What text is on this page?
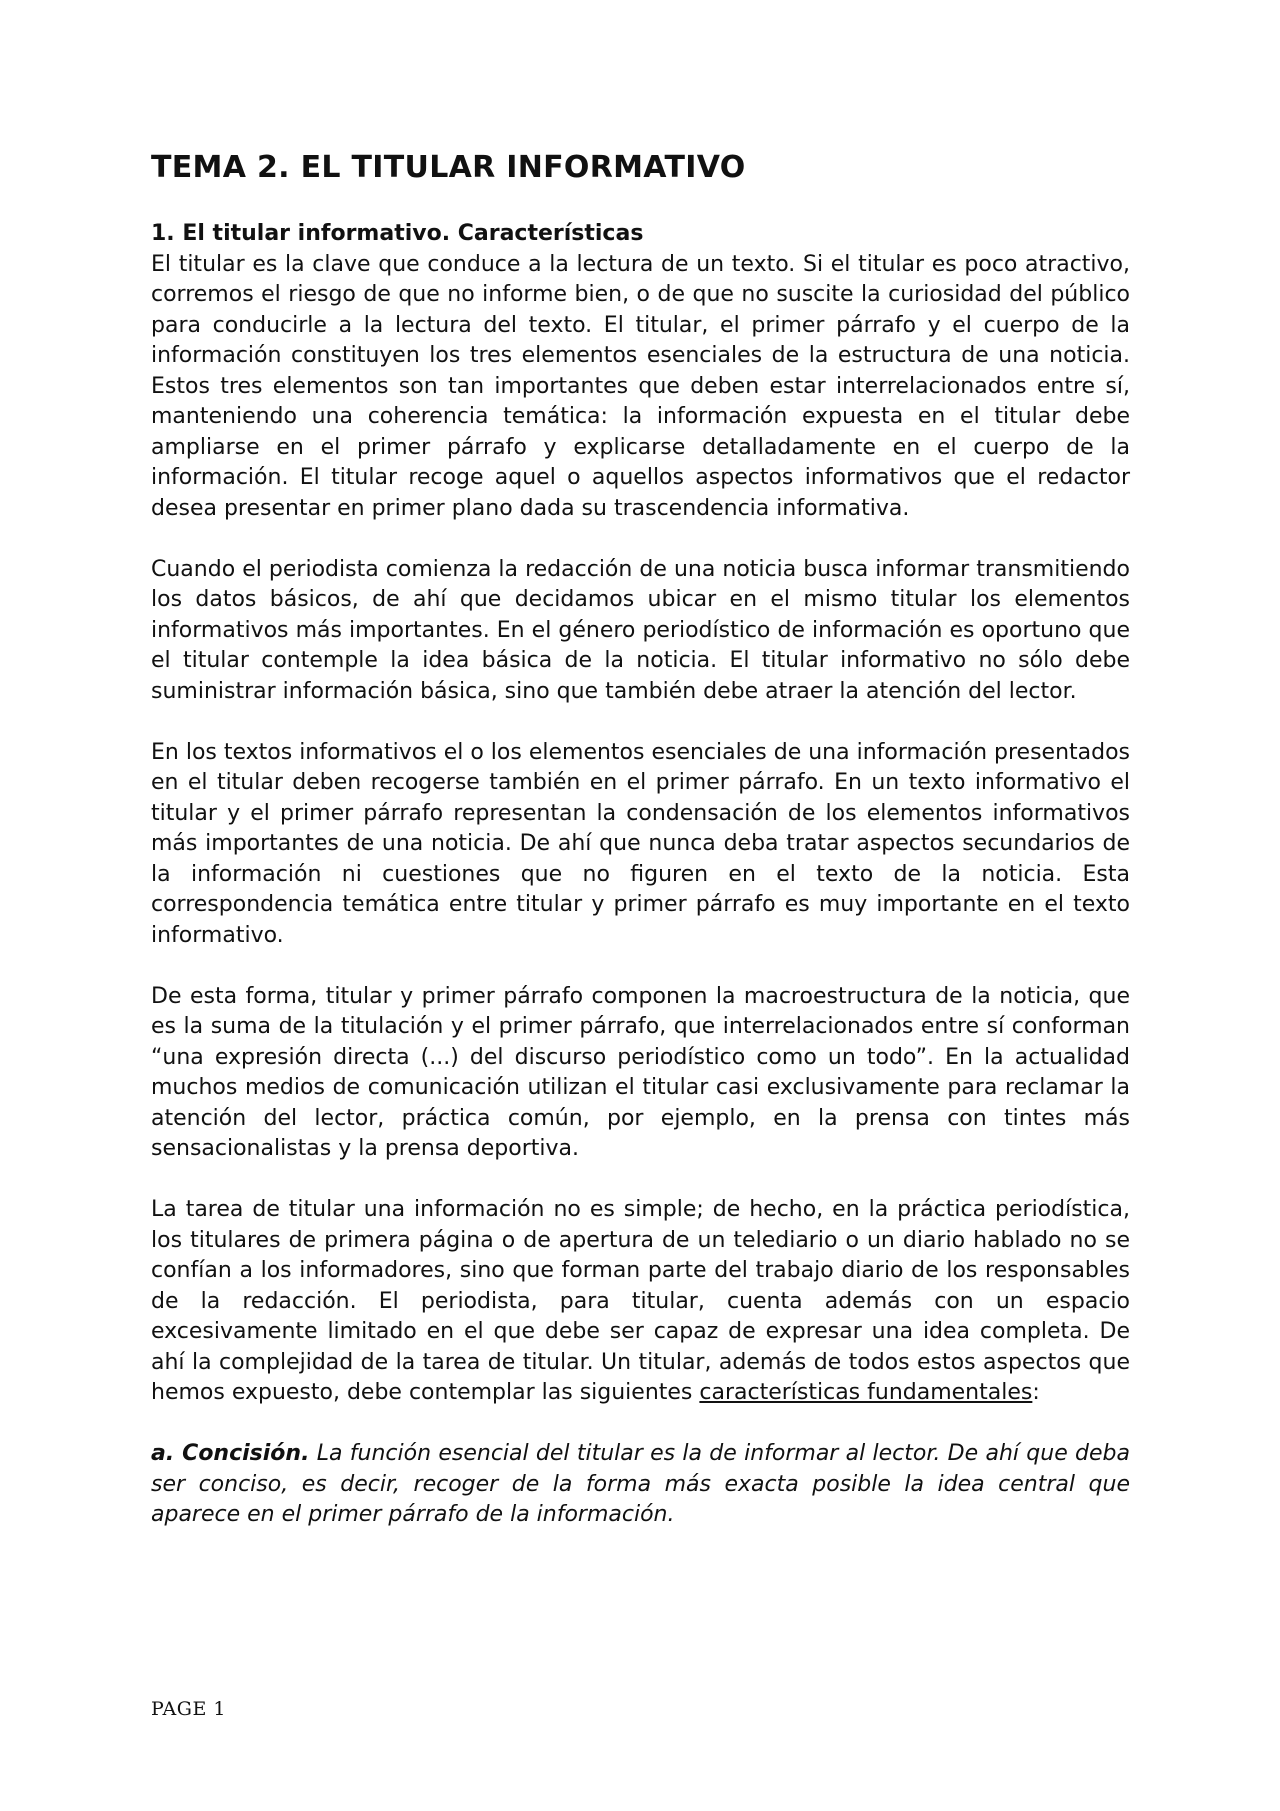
TEMA 2. EL TITULAR INFORMATIVO
1. El titular informativo. Características

El titular es la clave que conduce a la lectura de un texto. Si el titular es poco atractivo, corremos el riesgo de que no informe bien, o de que no suscite la curiosidad del público para conducirle a la lectura del texto. El titular, el primer párrafo y el cuerpo de la información constituyen los tres elementos esenciales de la estructura de una noticia. Estos tres elementos son tan importantes que deben estar interrelacionados entre sí, manteniendo una coherencia temática: la información expuesta en el titular debe ampliarse en el primer párrafo y explicarse detalladamente en el cuerpo de la información. El titular recoge aquel o aquellos aspectos informativos que el redactor desea presentar en primer plano dada su trascendencia informativa.

Cuando el periodista comienza la redacción de una noticia busca informar transmitiendo los datos básicos, de ahí que decidamos ubicar en el mismo titular los elementos informativos más importantes. En el género periodístico de información es oportuno que el titular contemple la idea básica de la noticia. El titular informativo no sólo debe suministrar información básica, sino que también debe atraer la atención del lector.

En los textos informativos el o los elementos esenciales de una información presentados en el titular deben recogerse también en el primer párrafo. En un texto informativo el titular y el primer párrafo representan la condensación de los elementos informativos más importantes de una noticia. De ahí que nunca deba tratar aspectos secundarios de la información ni cuestiones que no figuren en el texto de la noticia. Esta correspondencia temática entre titular y primer párrafo es muy importante en el texto informativo.

De esta forma, titular y primer párrafo componen la macroestructura de la noticia, que es la suma de la titulación y el primer párrafo, que interrelacionados entre sí conforman “una expresión directa (...) del discurso periodístico como un todo”. En la actualidad muchos medios de comunicación utilizan el titular casi exclusivamente para reclamar la atención del lector, práctica común, por ejemplo, en la prensa con tintes más sensacionalistas y la prensa deportiva.

La tarea de titular una información no es simple; de hecho, en la práctica periodística, los titulares de primera página o de apertura de un telediario o un diario hablado no se confían a los informadores, sino que forman parte del trabajo diario de los responsables de la redacción. El periodista, para titular, cuenta además con un espacio excesivamente limitado en el que debe ser capaz de expresar una idea completa. De ahí la complejidad de la tarea de titular. Un titular, además de todos estos aspectos que hemos expuesto, debe contemplar las siguientes características fundamentales:

a. Concisión. La función esencial del titular es la de informar al lector. De ahí que deba ser conciso, es decir, recoger de la forma más exacta posible la idea central que aparece en el primer párrafo de la información.

PAGE 1
